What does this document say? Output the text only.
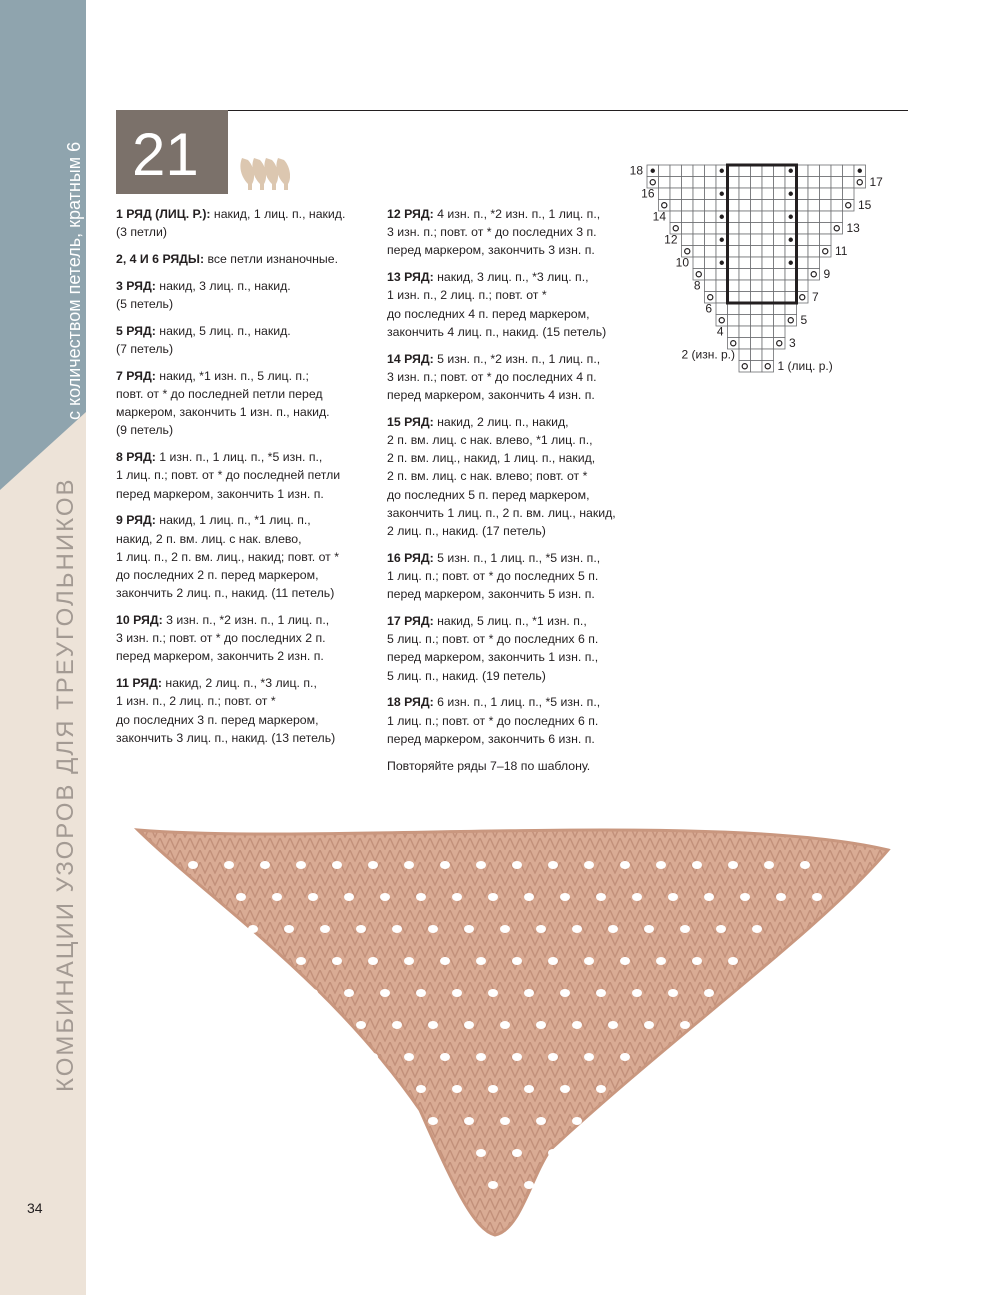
КОМБИНАЦИИ УЗОРОВ ДЛЯ ТРЕУГОЛЬНИКОВ
с количеством петель, кратным 6
34
21
1 РЯД (ЛИЦ. Р.): накид, 1 лиц. п., накид.
(3 петли)
2, 4 И 6 РЯДЫ: все петли изнаночные.
3 РЯД: накид, 3 лиц. п., накид.
(5 петель)
5 РЯД: накид, 5 лиц. п., накид.
(7 петель)
7 РЯД: накид, *1 изн. п., 5 лиц. п.;
повт. от * до последней петли перед
маркером, закончить 1 изн. п., накид.
(9 петель)
8 РЯД: 1 изн. п., 1 лиц. п., *5 изн. п.,
1 лиц. п.; повт. от * до последней петли
перед маркером, закончить 1 изн. п.
9 РЯД: накид, 1 лиц. п., *1 лиц. п.,
накид, 2 п. вм. лиц. с нак. влево,
1 лиц. п., 2 п. вм. лиц., накид; повт. от *
до последних 2 п. перед маркером,
закончить 2 лиц. п., накид. (11 петель)
10 РЯД: 3 изн. п., *2 изн. п., 1 лиц. п.,
3 изн. п.; повт. от * до последних 2 п.
перед маркером, закончить 2 изн. п.
11 РЯД: накид, 2 лиц. п., *3 лиц. п.,
1 изн. п., 2 лиц. п.; повт. от *
до последних 3 п. перед маркером,
закончить 3 лиц. п., накид. (13 петель)
12 РЯД: 4 изн. п., *2 изн. п., 1 лиц. п.,
3 изн. п.; повт. от * до последних 3 п.
перед маркером, закончить 3 изн. п.
13 РЯД: накид, 3 лиц. п., *3 лиц. п.,
1 изн. п., 2 лиц. п.; повт. от *
до последних 4 п. перед маркером,
закончить 4 лиц. п., накид. (15 петель)
14 РЯД: 5 изн. п., *2 изн. п., 1 лиц. п.,
3 изн. п.; повт. от * до последних 4 п.
перед маркером, закончить 4 изн. п.
15 РЯД: накид, 2 лиц. п., накид,
2 п. вм. лиц. с нак. влево, *1 лиц. п.,
2 п. вм. лиц., накид, 1 лиц. п., накид,
2 п. вм. лиц. с нак. влево; повт. от *
до последних 5 п. перед маркером,
закончить 1 лиц. п., 2 п. вм. лиц., накид,
2 лиц. п., накид. (17 петель)
16 РЯД: 5 изн. п., 1 лиц. п., *5 изн. п.,
1 лиц. п.; повт. от * до последних 5 п.
перед маркером, закончить 5 изн. п.
17 РЯД: накид, 5 лиц. п., *1 изн. п.,
5 лиц. п.; повт. от * до последних 6 п.
перед маркером, закончить 1 изн. п.,
5 лиц. п., накид. (19 петель)
18 РЯД: 6 изн. п., 1 лиц. п., *5 изн. п.,
1 лиц. п.; повт. от * до последних 6 п.
перед маркером, закончить 6 изн. п.
Повторяйте ряды 7–18 по шаблону.
18
17
16
15
14
13
12
11
10
9
8
7
6
5
4
3
2 (изн. р.)
1 (лиц. р.)
